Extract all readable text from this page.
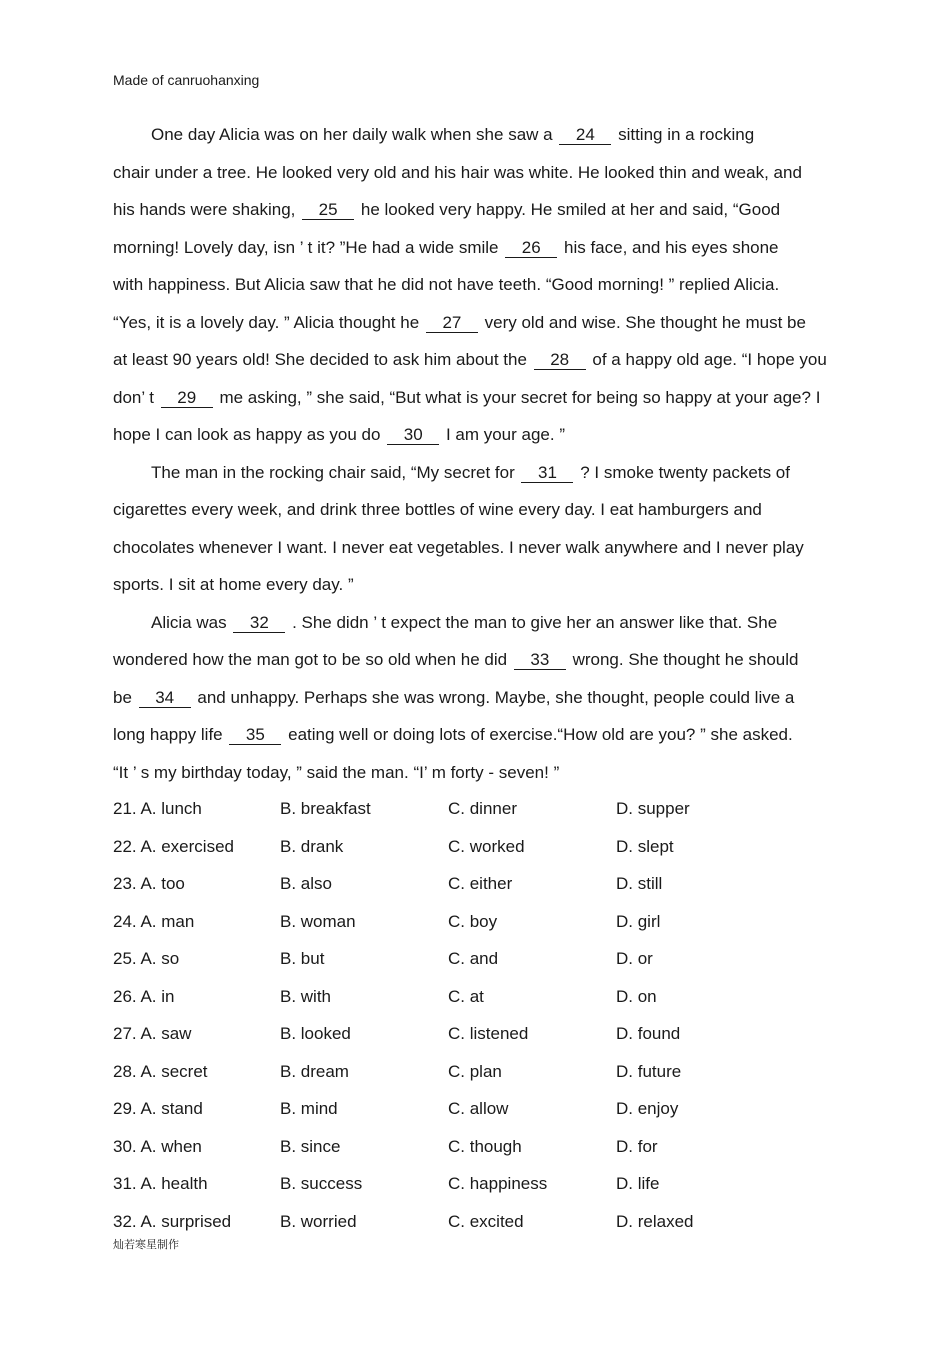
Made of canruohanxing
One day Alicia was on her daily walk when she saw a 24 sitting in a rocking
chair under a tree. He looked very old and his hair was white. He looked thin and weak, and
his hands were shaking, 25 he looked very happy. He smiled at her and said, “Good
morning! Lovely day, isn ’ t it? ”He had a wide smile 26 his face, and his eyes shone
with happiness. But Alicia saw that he did not have teeth. “Good morning! ” replied Alicia.
“Yes, it is a lovely day. ” Alicia thought he 27 very old and wise. She thought he must be
at least 90 years old! She decided to ask him about the 28 of a happy old age. “I hope you
don’ t 29 me asking, ” she said, “But what is your secret for being so happy at your age? I
hope I can look as happy as you do 30 I am your age. ”
The man in the rocking chair said, “My secret for 31 ? I smoke twenty packets of
cigarettes every week, and drink three bottles of wine every day. I eat hamburgers and
chocolates whenever I want. I never eat vegetables. I never walk anywhere and I never play
sports. I sit at home every day. ”
Alicia was 32 . She didn ’ t expect the man to give her an answer like that. She
wondered how the man got to be so old when he did 33 wrong. She thought he should
be 34 and unhappy. Perhaps she was wrong. Maybe, she thought, people could live a
long happy life 35 eating well or doing lots of exercise.“How old are you? ” she asked.
“It ’ s my birthday today, ” said the man. “I’ m forty - seven! ”
21. A. lunch	B. breakfast	C. dinner	D. supper
22. A. exercised	B. drank	C. worked	D. slept
23. A. too	B. also	C. either	D. still
24. A. man	B. woman	C. boy	D. girl
25. A. so	B. but	C. and	D. or
26. A. in	B. with	C. at	D. on
27. A. saw	B. looked	C. listened	D. found
28. A. secret	B. dream	C. plan	D. future
29. A. stand	B. mind	C. allow	D. enjoy
30. A. when	B. since	C. though	D. for
31. A. health	B. success	C. happiness	D. life
32. A. surprised	B. worried	C. excited	D. relaxed
灿若寒星制作
